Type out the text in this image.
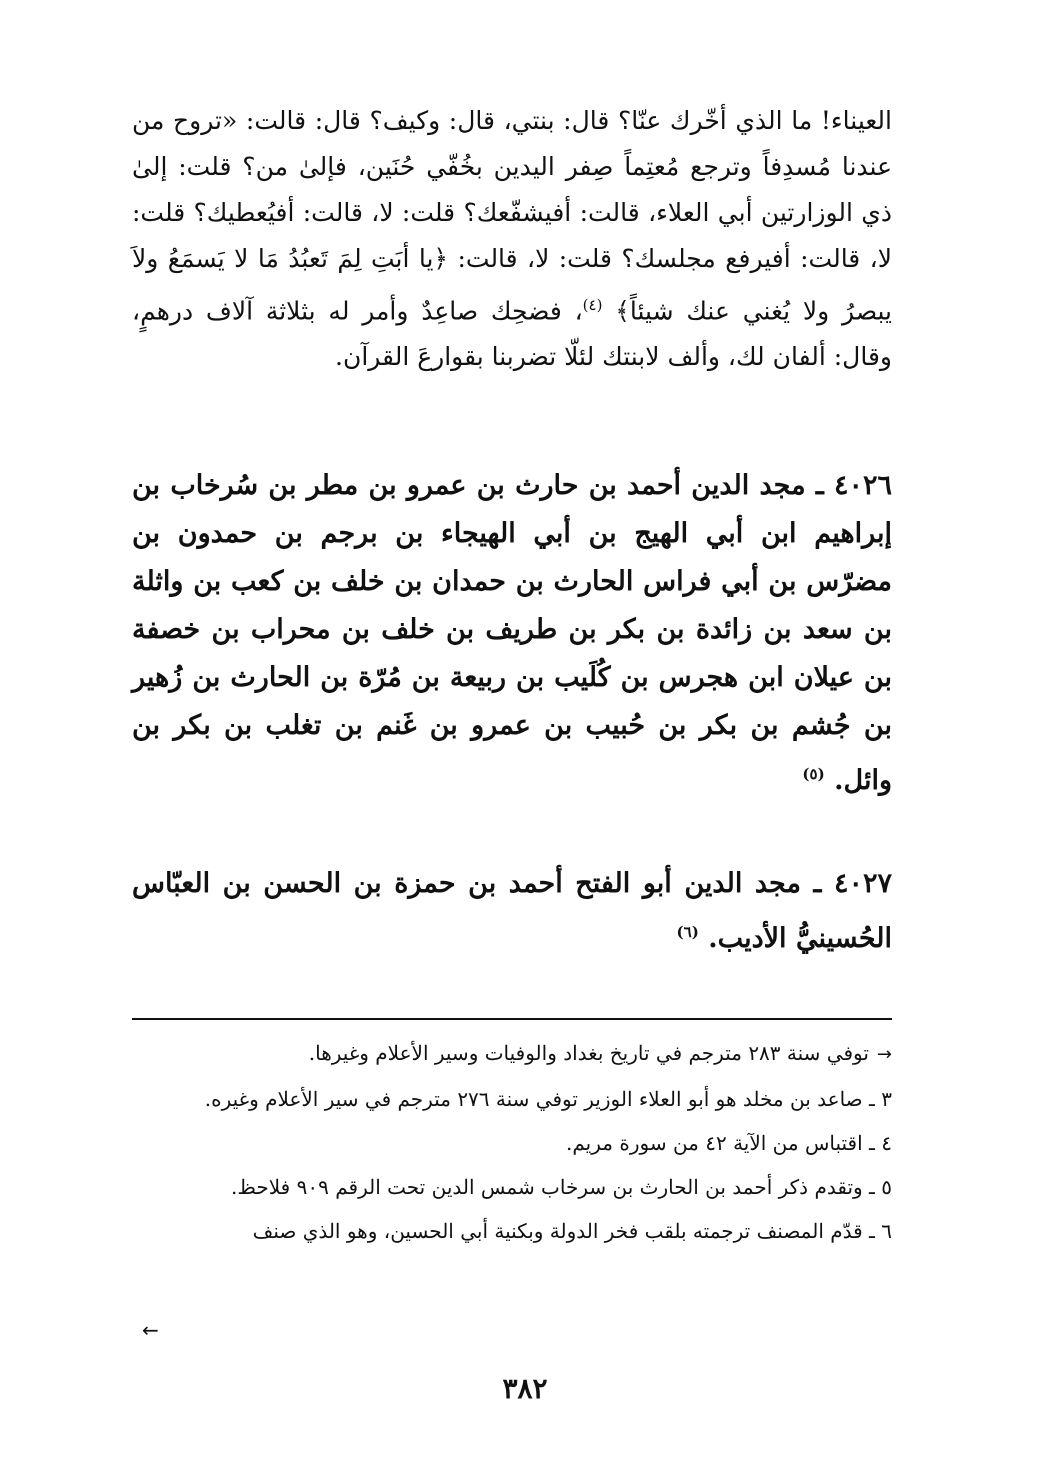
العيناء! ما الذي أخّرك عنّا؟ قال: بنتي، قال: وكيف؟ قال: قالت: «تروح من عندنا مُسدِفاً وترجع مُعتِماً صِفر اليدين بخُفّي حُنَين، فإلىٰ من؟ قلت: إلىٰ ذي الوزارتين أبي العلاء، قالت: أفيشفّعك؟ قلت: لا، قالت: أفيُعطيك؟ قلت: لا، قالت: أفيرفع مجلسك؟ قلت: لا، قالت: ﴿يا أبَتِ لِمَ تَعبُدُ مَا لا يَسمَعُ ولاَ يبصرُ ولا يُغني عنك شيئاً﴾ $^{(٤)}$، فضحِك صاعِدٌ وأمر له بثلاثة آلاف درهمٍ، وقال: ألفان لك، وألف لابنتك لئلّا تضربنا بقوارعَ القرآن.

٤٠٢٦ ـ مجد الدين أحمد بن حارث بن عمرو بن مطر بن سُرخاب بن إبراهيم ابن أبي الهيج بن أبي الهيجاء بن برجم بن حمدون بن مضرّس بن أبي فراس الحارث بن حمدان بن خلف بن كعب بن واثلة بن سعد بن زائدة بن بكر بن طريف بن خلف بن محراب بن خصفة بن عيلان ابن هجرس بن كُلَيب بن ربيعة بن مُرّة بن الحارث بن زُهير بن جُشم بن بكر بن حُبيب بن عمرو بن غَنم بن تغلب بن بكر بن وائل. $^{(٥)}$
٤٠٢٧ ـ مجد الدين أبو الفتح أحمد بن حمزة بن الحسن بن العبّاس الحُسينيُّ الأديب. $^{(٦)}$

→توفي سنة ٢٨٣ مترجم في تاريخ بغداد والوفيات وسير الأعلام وغيرها.

٣ ـ صاعد بن مخلد هو أبو العلاء الوزير توفي سنة ٢٧٦ مترجم في سير الأعلام وغيره.

٤ ـ اقتباس من الآية ٤٢ من سورة مريم.

٥ ـ وتقدم ذكر أحمد بن الحارث بن سرخاب شمس الدين تحت الرقم ٩٠٩ فلاحظ.

٦ ـ قدّم المصنف ترجمته بلقب فخر الدولة وبكنية أبي الحسين، وهو الذي صنف

←
٣٨٢
